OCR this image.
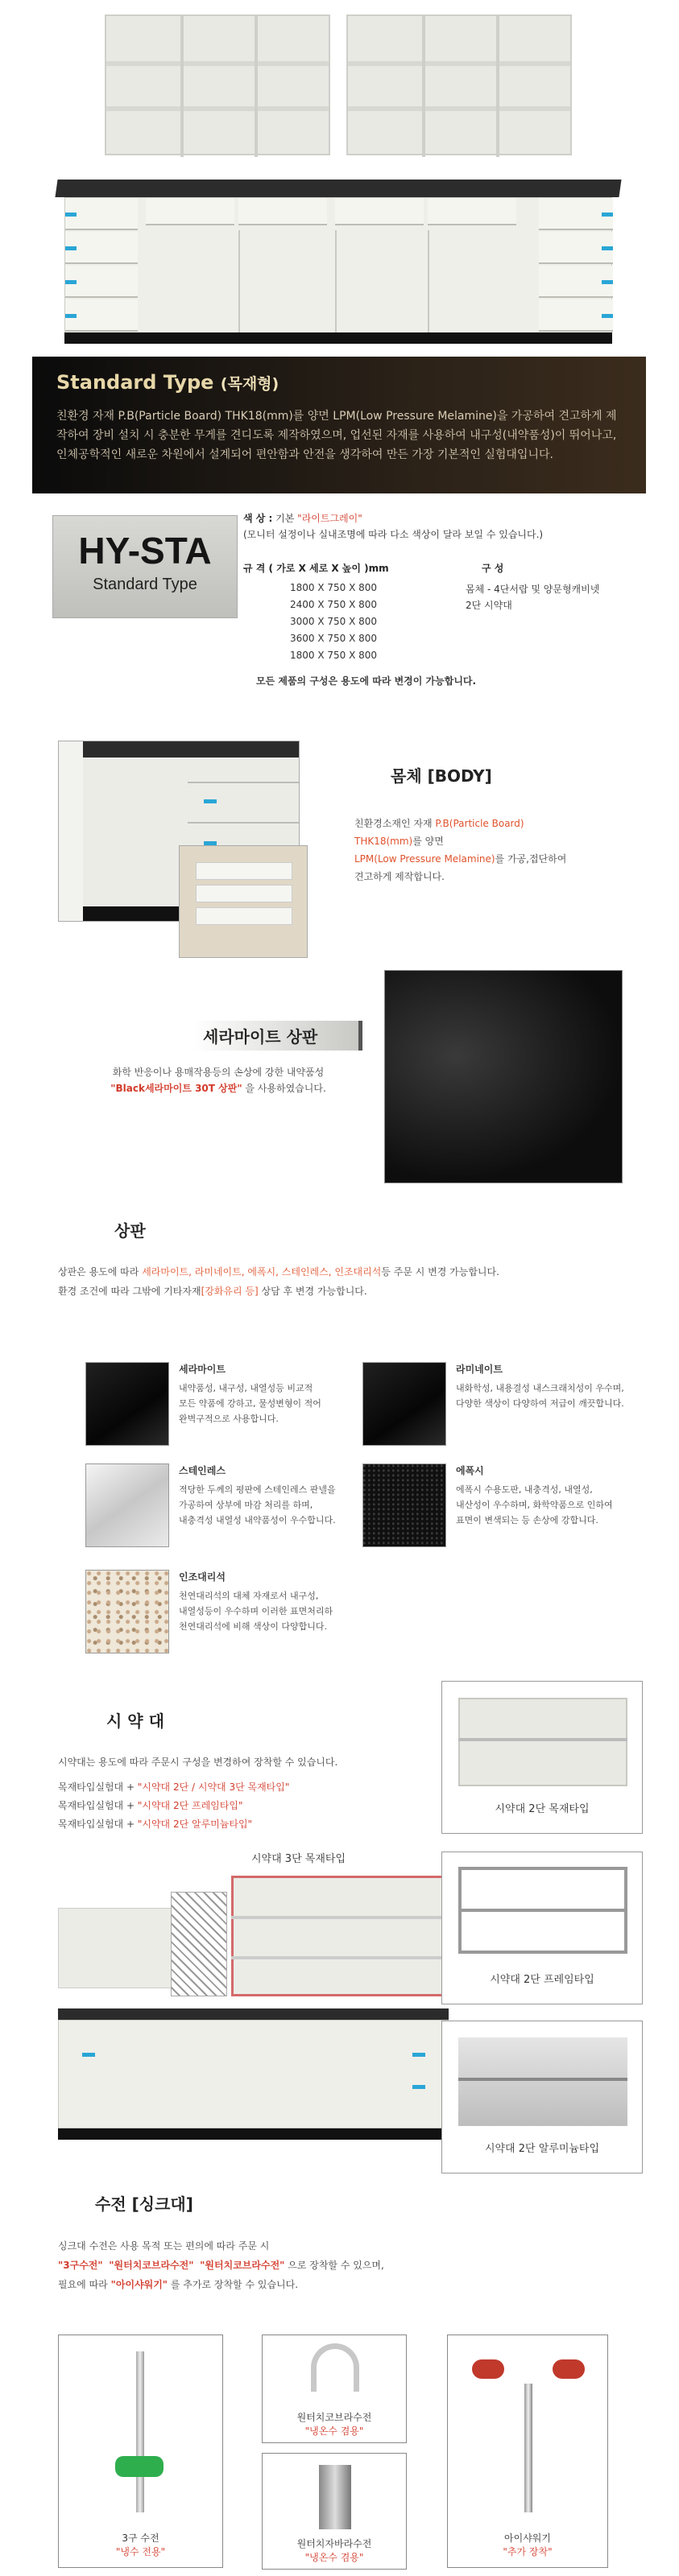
Standard Type (목재형)
친환경 자재 P.B(Particle Board) THK18(mm)를 양면 LPM(Low Pressure Melamine)을 가공하여 견고하게 제작하여 장비 설치 시 충분한 무게를 견디도록 제작하였으며, 업선된 자재를 사용하여 내구성(내약품성)이 뛰어나고, 인체공학적인 새로운 차원에서 설계되어 편안함과 안전을 생각하여 만든 가장 기본적인 실험대입니다.
HY-STA
Standard Type
색 상 : 기본 "라이트그레이"
(모니터 설정이나 실내조명에 따라 다소 색상이 달라 보일 수 있습니다.)
규 격 ( 가로 X 세로 X 높이 )mm
1800 X 750 X 800
2400 X 750 X 800
3000 X 750 X 800
3600 X 750 X 800
1800 X 750 X 800
구 성
몸체 - 4단서랍 및 양문형캐비넷
2단 시약대
모든 제품의 구성은 용도에 따라 변경이 가능합니다.
몸체 [BODY]
친환경소재인 자재 P.B(Particle Board)
THK18(mm)를 양면
LPM(Low Pressure Melamine)를 가공,접단하여
견고하게 제작합니다.
세라마이트 상판
화학 반응이나 용매작용등의 손상에 강한 내약품성
"Black세라마이트 30T 상판" 을 사용하였습니다.
상판
상판은 용도에 따라 세라마이트, 라미네이트, 에폭시, 스테인레스, 인조대리석등 주문 시 변경 가능합니다.
환경 조건에 따라 그밖에 기타자재[강화유리 등] 상담 후 변경 가능합니다.
세라마이트
내약품성, 내구성, 내열성등 비교적
모든 약품에 강하고, 물성변형이 적어
완벽구적으로 사용합니다.
라미네이트
내화학성, 내용결성 내스크래치성이 우수며,
다양한 색상이 다양하여 저급이 깨끗합니다.
스테인레스
적당한 두께의 평판에 스테인레스 판넬을
가공하여 상부에 마감 처리를 하며,
내충격성 내열성 내약품성이 우수합니다.
에폭시
에폭시 수용도판, 내충격성, 내열성,
내산성이 우수하며, 화학약품으로 인하여
표면이 변색되는 등 손상에 강합니다.
인조대리석
천연대리석의 대체 자재로서 내구성,
내열성등이 우수하며 이러한 표면처리하
천연대리석에 비해 색상이 다양합니다.
시 약 대
시약대는 용도에 따라 주문시 구성을 변경하여 장착할 수 있습니다.
목재타입실험대 + "시약대 2단 / 시약대 3단 목재타입"
목재타입실험대 + "시약대 2단 프레임타입"
목재타입실험대 + "시약대 2단 알루미늄타입"
시약대 3단 목재타입
시약대 2단 목재타입
시약대 2단 프레임타입
시약대 2단 알루미늄타입
수전 [싱크대]
싱크대 수전은 사용 목적 또는 편의에 따라 주문 시
"3구수전" "원터치코브라수전" "원터치코브라수전" 으로 장착할 수 있으며,
필요에 따라 "아이샤워기" 를 추가로 장착할 수 있습니다.
3구 수전
"냉수 전용"
원터치코브라수전
"냉온수 겸용"
원터치자바라수전
"냉온수 겸용"
아이샤워기
"추가 장착"
